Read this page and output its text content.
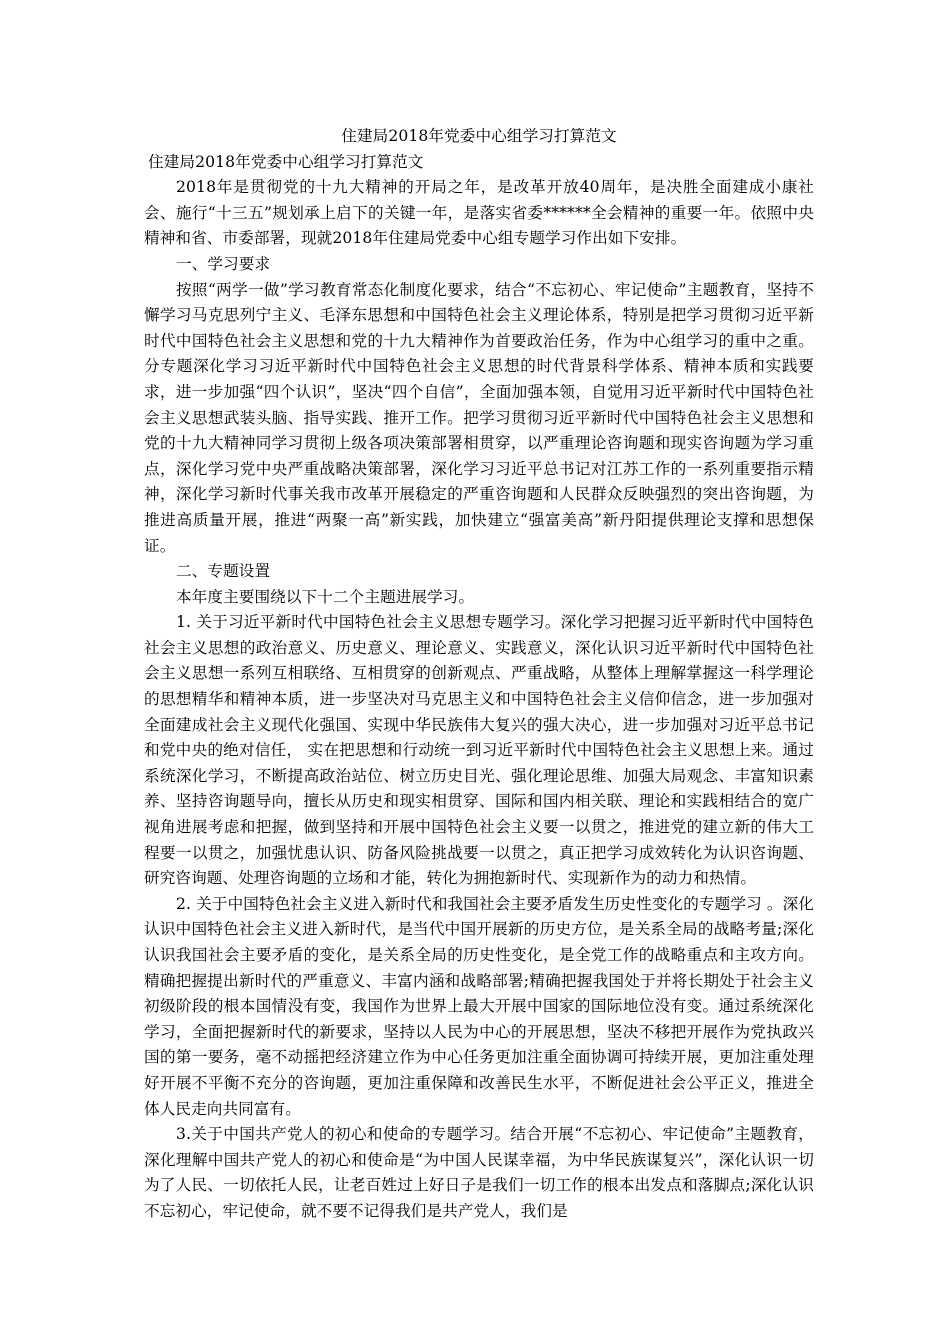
住建局2018年党委中心组学习打算范文

住建局2018年党委中心组学习打算范文

2018年是贯彻党的十九大精神的开局之年，是改革开放40周年，是决胜全面建成小康社会、施行“十三五”规划承上启下的关键一年，是落实省委******全会精神的重要一年。依照中央精神和省、市委部署，现就2018年住建局党委中心组专题学习作出如下安排。

一、学习要求

按照“两学一做”学习教育常态化制度化要求，结合“不忘初心、牢记使命”主题教育，坚持不懈学习马克思列宁主义、毛泽东思想和中国特色社会主义理论体系，特别是把学习贯彻习近平新时代中国特色社会主义思想和党的十九大精神作为首要政治任务，作为中心组学习的重中之重。分专题深化学习习近平新时代中国特色社会主义思想的时代背景科学体系、精神本质和实践要求，进一步加强“四个认识”，坚决“四个自信”，全面加强本领，自觉用习近平新时代中国特色社会主义思想武装头脑、指导实践、推开工作。把学习贯彻习近平新时代中国特色社会主义思想和党的十九大精神同学习贯彻上级各项决策部署相贯穿，以严重理论咨询题和现实咨询题为学习重点，深化学习党中央严重战略决策部署，深化学习习近平总书记对江苏工作的一系列重要指示精神，深化学习新时代事关我市改革开展稳定的严重咨询题和人民群众反映强烈的突出咨询题，为推进高质量开展，推进“两聚一高”新实践，加快建立“强富美高”新丹阳提供理论支撑和思想保证。

二、专题设置

本年度主要围绕以下十二个主题进展学习。

1. 关于习近平新时代中国特色社会主义思想专题学习。深化学习把握习近平新时代中国特色社会主义思想的政治意义、历史意义、理论意义、实践意义，深化认识习近平新时代中国特色社会主义思想一系列互相联络、互相贯穿的创新观点、严重战略，从整体上理解掌握这一科学理论的思想精华和精神本质，进一步坚决对马克思主义和中国特色社会主义信仰信念，进一步加强对全面建成社会主义现代化强国、实现中华民族伟大复兴的强大决心，进一步加强对习近平总书记和党中央的绝对信任， 实在把思想和行动统一到习近平新时代中国特色社会主义思想上来。通过系统深化学习，不断提高政治站位、树立历史目光、强化理论思维、加强大局观念、丰富知识素养、坚持咨询题导向，擅长从历史和现实相贯穿、国际和国内相关联、理论和实践相结合的宽广视角进展考虑和把握，做到坚持和开展中国特色社会主义要一以贯之，推进党的建立新的伟大工程要一以贯之，加强忧患认识、防备风险挑战要一以贯之，真正把学习成效转化为认识咨询题、研究咨询题、处理咨询题的立场和才能，转化为拥抱新时代、实现新作为的动力和热情。

2. 关于中国特色社会主义进入新时代和我国社会主要矛盾发生历史性变化的专题学习 。深化认识中国特色社会主义进入新时代，是当代中国开展新的历史方位，是关系全局的战略考量;深化认识我国社会主要矛盾的变化，是关系全局的历史性变化，是全党工作的战略重点和主攻方向。精确把握提出新时代的严重意义、丰富内涵和战略部署;精确把握我国处于并将长期处于社会主义初级阶段的根本国情没有变，我国作为世界上最大开展中国家的国际地位没有变。通过系统深化学习，全面把握新时代的新要求，坚持以人民为中心的开展思想，坚决不移把开展作为党执政兴国的第一要务，毫不动摇把经济建立作为中心任务更加注重全面协调可持续开展，更加注重处理好开展不平衡不充分的咨询题，更加注重保障和改善民生水平，不断促进社会公平正义，推进全体人民走向共同富有。

3.关于中国共产党人的初心和使命的专题学习。结合开展“不忘初心、牢记使命”主题教育，深化理解中国共产党人的初心和使命是“为中国人民谋幸福，为中华民族谋复兴”，深化认识一切为了人民、一切依托人民，让老百姓过上好日子是我们一切工作的根本出发点和落脚点;深化认识不忘初心，牢记使命，就不要不记得我们是共产党人，我们是
